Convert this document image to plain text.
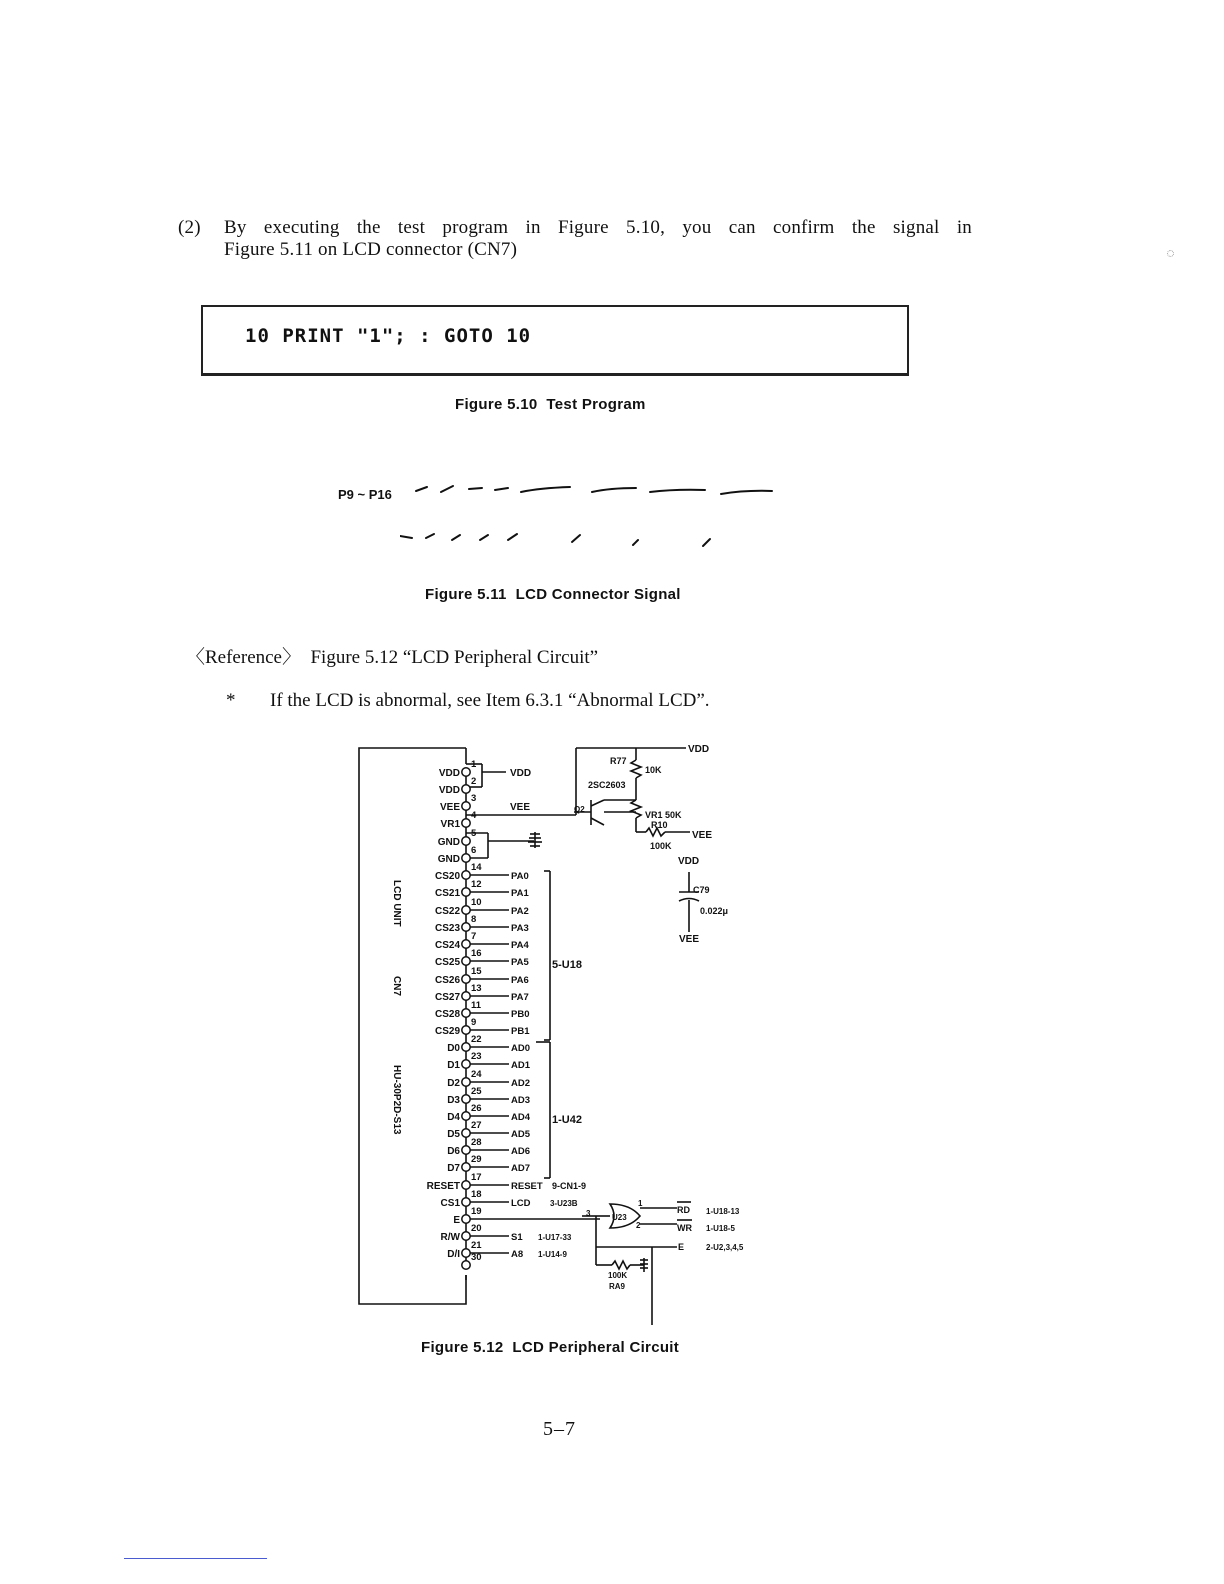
(2) By executing the test program in Figure 5.10, you can confirm the signal in
Figure 5.11 on LCD connector (CN7)
10 PRINT "1"; : GOTO 10
Figure 5.10  Test Program
P9 ~ P16
Figure 5.11  LCD Connector Signal
〈Reference〉  Figure 5.12 “LCD Peripheral Circuit”
* If the LCD is abnormal, see Item 6.3.1 “Abnormal LCD”.
VDD
1
VDD
VDD
2
VEE
3
VEE
VR1
4
GND
5
GND
6
CS20
14
PA0
CS21
12
PA1
CS22
10
PA2
CS23
8
PA3
CS24
7
PA4
CS25
16
PA5
CS26
15
PA6
CS27
13
PA7
CS28
11
PB0
CS29
9
PB1
D0
22
AD0
D1
23
AD1
D2
24
AD2
D3
25
AD3
D4
26
AD4
D5
27
AD5
D6
28
AD6
D7
29
AD7
RESET
17
RESET
CS1
18
LCD
E
19
R/W
20
S1
D/I
21
A8
30
LCD UNIT
CN7
HU-30P2D-S13
5-U18
1-U42
9-CN1-9
3-U23B
1-U17-33
1-U14-9
VDD
R77
10K
2SC2603
Q2
VR1 50K
R10
VEE
100K
VDD
C79
0.022μ
VEE
U23
1
2
3	RD
WR
E
1-U18-13
1-U18-5
2-U2,3,4,5
100K
RA9
Figure 5.12  LCD Peripheral Circuit
5–7
